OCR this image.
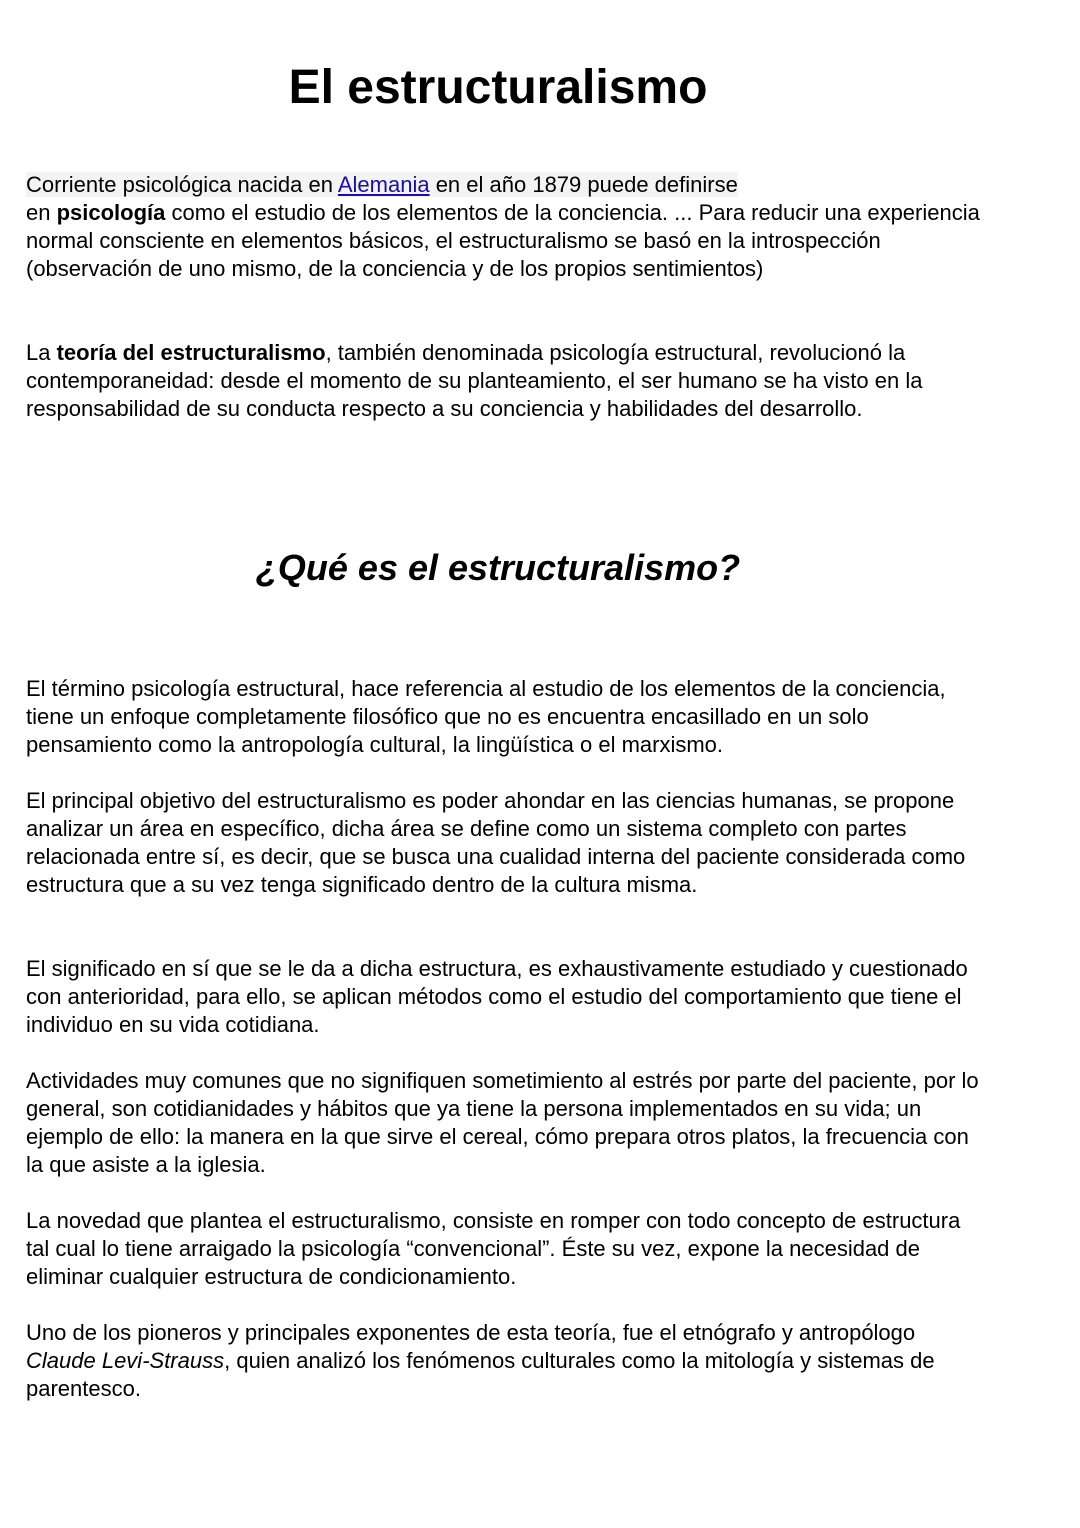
El estructuralismo

Corriente psicológica nacida en Alemania en el año 1879 puede definirse
en psicología como el estudio de los elementos de la conciencia. ... Para reducir una experiencia normal consciente en elementos básicos, el estructuralismo se basó en la introspección (observación de uno mismo, de la conciencia y de los propios sentimientos)

La teoría del estructuralismo, también denominada psicología estructural, revolucionó la contemporaneidad: desde el momento de su planteamiento, el ser humano se ha visto en la responsabilidad de su conducta respecto a su conciencia y habilidades del desarrollo.

¿Qué es el estructuralismo?

El término psicología estructural, hace referencia al estudio de los elementos de la conciencia, tiene un enfoque completamente filosófico que no es encuentra encasillado en un solo pensamiento como la antropología cultural, la lingüística o el marxismo.

El principal objetivo del estructuralismo es poder ahondar en las ciencias humanas, se propone analizar un área en específico, dicha área se define como un sistema completo con partes relacionada entre sí, es decir, que se busca una cualidad interna del paciente considerada como estructura que a su vez tenga significado dentro de la cultura misma.

El significado en sí que se le da a dicha estructura, es exhaustivamente estudiado y cuestionado con anterioridad, para ello, se aplican métodos como el estudio del comportamiento que tiene el individuo en su vida cotidiana.

Actividades muy comunes que no signifiquen sometimiento al estrés por parte del paciente, por lo general, son cotidianidades y hábitos que ya tiene la persona implementados en su vida; un ejemplo de ello: la manera en la que sirve el cereal, cómo prepara otros platos, la frecuencia con la que asiste a la iglesia.

La novedad que plantea el estructuralismo, consiste en romper con todo concepto de estructura tal cual lo tiene arraigado la psicología “convencional”. Éste su vez, expone la necesidad de eliminar cualquier estructura de condicionamiento.

Uno de los pioneros y principales exponentes de esta teoría, fue el etnógrafo y antropólogo Claude Levi-Strauss, quien analizó los fenómenos culturales como la mitología y sistemas de parentesco.
